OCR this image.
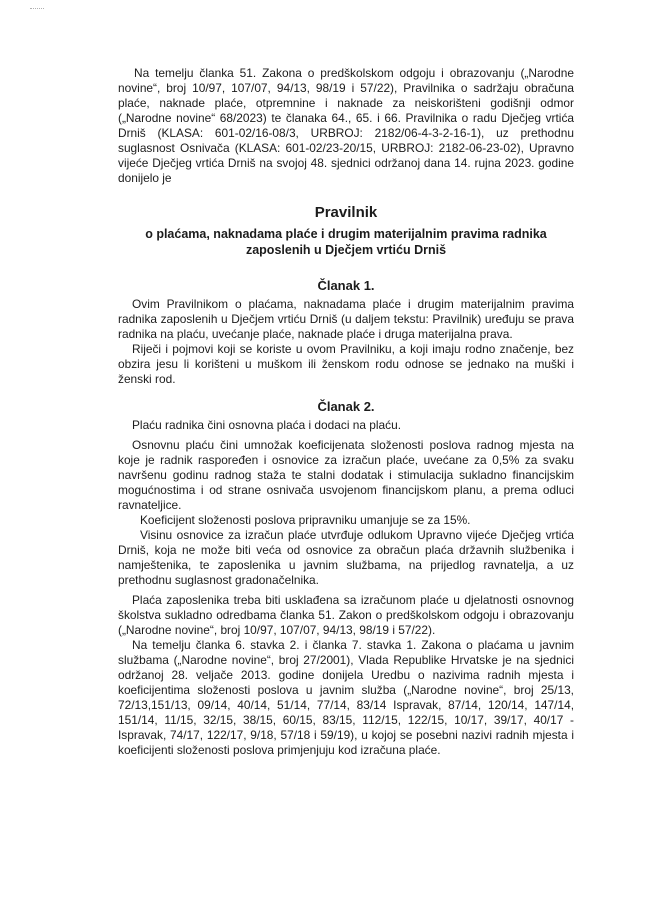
Na temelju članka 51. Zakona o predškolskom odgoju i obrazovanju („Narodne novine“, broj 10/97, 107/07, 94/13, 98/19 i 57/22), Pravilnika o sadržaju obračuna plaće, naknade plaće, otpremnine i naknade za neiskorišteni godišnji odmor („Narodne novine“ 68/2023) te članaka 64., 65. i 66. Pravilnika o radu Dječjeg vrtića Drniš (KLASA: 601-02/16-08/3, URBROJ: 2182/06-4-3-2-16-1), uz prethodnu suglasnost Osnivača (KLASA: 601-02/23-20/15, URBROJ: 2182-06-23-02), Upravno vijeće Dječjeg vrtića Drniš na svojoj 48. sjednici održanoj dana 14. rujna 2023. godine donijelo je

Pravilnik
o plaćama, naknadama plaće i drugim materijalnim pravima radnika zaposlenih u Dječjem vrtiću Drniš
Članak 1.

Ovim Pravilnikom o plaćama, naknadama plaće i drugim materijalnim pravima radnika zaposlenih u Dječjem vrtiću Drniš (u daljem tekstu: Pravilnik) uređuju se prava radnika na plaću, uvećanje plaće, naknade plaće i druga materijalna prava.

Riječi i pojmovi koji se koriste u ovom Pravilniku, a koji imaju rodno značenje, bez obzira jesu li korišteni u muškom ili ženskom rodu odnose se jednako na muški i ženski rod.

Članak 2.

Plaću radnika čini osnovna plaća i dodaci na plaću.

Osnovnu plaću čini umnožak koeficijenata složenosti poslova radnog mjesta na koje je radnik raspoređen i osnovice za izračun plaće, uvećane za 0,5% za svaku navršenu godinu radnog staža te stalni dodatak i stimulacija sukladno financijskim mogućnostima i od strane osnivača usvojenom financijskom planu, a prema odluci ravnateljice.

Koeficijent složenosti poslova pripravniku umanjuje se za 15%.

Visinu osnovice za izračun plaće utvrđuje odlukom Upravno vijeće Dječjeg vrtića Drniš, koja ne može biti veća od osnovice za obračun plaća državnih službenika i namještenika, te zaposlenika u javnim službama, na prijedlog ravnatelja, a uz prethodnu suglasnost gradonačelnika.

Plaća zaposlenika treba biti usklađena sa izračunom plaće u djelatnosti osnovnog školstva sukladno odredbama članka 51. Zakon o predškolskom odgoju i obrazovanju („Narodne novine“, broj 10/97, 107/07, 94/13, 98/19 i 57/22).

Na temelju članka 6. stavka 2. i članka 7. stavka 1. Zakona o plaćama u javnim službama („Narodne novine“, broj 27/2001), Vlada Republike Hrvatske je na sjednici održanoj 28. veljače 2013. godine donijela Uredbu o nazivima radnih mjesta i koeficijentima složenosti poslova u javnim služba („Narodne novine“, broj 25/13, 72/13,151/13, 09/14, 40/14, 51/14, 77/14, 83/14 Ispravak, 87/14, 120/14, 147/14, 151/14, 11/15, 32/15, 38/15, 60/15, 83/15, 112/15, 122/15, 10/17, 39/17, 40/17 - Ispravak, 74/17, 122/17, 9/18, 57/18 i 59/19), u kojoj se posebni nazivi radnih mjesta i koeficijenti složenosti poslova primjenjuju kod izračuna plaće.
